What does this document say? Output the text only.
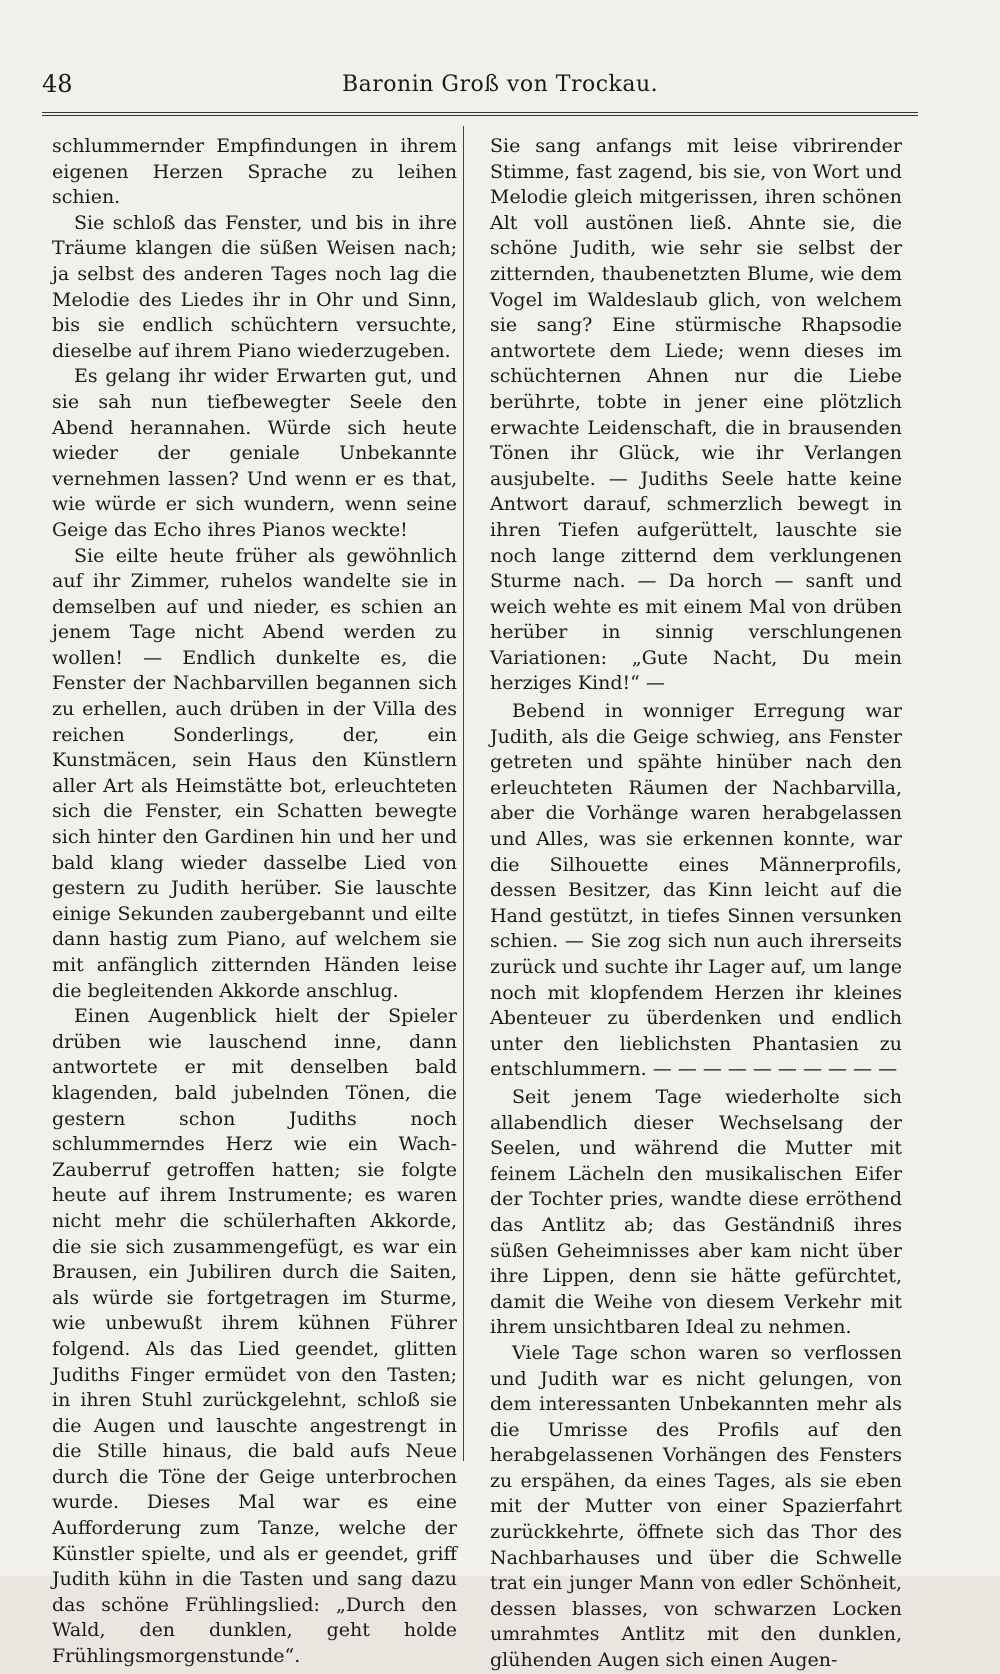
48	Baronin Groß von Trockau.

schlummernder Empfindungen in ihrem eigenen Herzen Sprache zu leihen schien.

Sie schloß das Fenster, und bis in ihre Träume klangen die süßen Weisen nach; ja selbst des anderen Tages noch lag die Melodie des Liedes ihr in Ohr und Sinn, bis sie endlich schüchtern versuchte, dieselbe auf ihrem Piano wiederzugeben.

Es gelang ihr wider Erwarten gut, und sie sah nun tiefbewegter Seele den Abend herannahen. Würde sich heute wieder der geniale Unbekannte vernehmen lassen? Und wenn er es that, wie würde er sich wundern, wenn seine Geige das Echo ihres Pianos weckte!

Sie eilte heute früher als gewöhnlich auf ihr Zimmer, ruhelos wandelte sie in demselben auf und nieder, es schien an jenem Tage nicht Abend werden zu wollen! — Endlich dunkelte es, die Fenster der Nachbarvillen begannen sich zu erhellen, auch drüben in der Villa des reichen Sonderlings, der, ein Kunstmäcen, sein Haus den Künstlern aller Art als Heimstätte bot, erleuchteten sich die Fenster, ein Schatten bewegte sich hinter den Gardinen hin und her und bald klang wieder dasselbe Lied von gestern zu Judith herüber. Sie lauschte einige Sekunden zaubergebannt und eilte dann hastig zum Piano, auf welchem sie mit anfänglich zitternden Händen leise die begleitenden Akkorde anschlug.

Einen Augenblick hielt der Spieler drüben wie lauschend inne, dann antwortete er mit denselben bald klagenden, bald jubelnden Tönen, die gestern schon Judiths noch schlummerndes Herz wie ein Wach-Zauberruf getroffen hatten; sie folgte heute auf ihrem Instrumente; es waren nicht mehr die schülerhaften Akkorde, die sie sich zusammengefügt, es war ein Brausen, ein Jubiliren durch die Saiten, als würde sie fortgetragen im Sturme, wie unbewußt ihrem kühnen Führer folgend. Als das Lied geendet, glitten Judiths Finger ermüdet von den Tasten; in ihren Stuhl zurückgelehnt, schloß sie die Augen und lauschte angestrengt in die Stille hinaus, die bald aufs Neue durch die Töne der Geige unterbrochen wurde. Dieses Mal war es eine Aufforderung zum Tanze, welche der Künstler spielte, und als er geendet, griff Judith kühn in die Tasten und sang dazu das schöne Frühlingslied: „Durch den Wald, den dunklen, geht holde Frühlingsmorgenstunde“.

Sie sang anfangs mit leise vibrirender Stimme, fast zagend, bis sie, von Wort und Melodie gleich mitgerissen, ihren schönen Alt voll austönen ließ. Ahnte sie, die schöne Judith, wie sehr sie selbst der zitternden, thaubenetzten Blume, wie dem Vogel im Waldeslaub glich, von welchem sie sang? Eine stürmische Rhapsodie antwortete dem Liede; wenn dieses im schüchternen Ahnen nur die Liebe berührte, tobte in jener eine plötzlich erwachte Leidenschaft, die in brausenden Tönen ihr Glück, wie ihr Verlangen ausjubelte. — Judiths Seele hatte keine Antwort darauf, schmerzlich bewegt in ihren Tiefen aufgerüttelt, lauschte sie noch lange zitternd dem verklungenen Sturme nach. — Da horch — sanft und weich wehte es mit einem Mal von drüben herüber in sinnig verschlungenen Variationen: „Gute Nacht, Du mein herziges Kind!“ —

Bebend in wonniger Erregung war Judith, als die Geige schwieg, ans Fenster getreten und spähte hinüber nach den erleuchteten Räumen der Nachbarvilla, aber die Vorhänge waren herabgelassen und Alles, was sie erkennen konnte, war die Silhouette eines Männerprofils, dessen Besitzer, das Kinn leicht auf die Hand gestützt, in tiefes Sinnen versunken schien. — Sie zog sich nun auch ihrerseits zurück und suchte ihr Lager auf, um lange noch mit klopfendem Herzen ihr kleines Abenteuer zu überdenken und endlich unter den lieblichsten Phantasien zu entschlummern. — — — — — — — — — —

Seit jenem Tage wiederholte sich allabendlich dieser Wechselsang der Seelen, und während die Mutter mit feinem Lächeln den musikalischen Eifer der Tochter pries, wandte diese erröthend das Antlitz ab; das Geständniß ihres süßen Geheimnisses aber kam nicht über ihre Lippen, denn sie hätte gefürchtet, damit die Weihe von diesem Verkehr mit ihrem unsichtbaren Ideal zu nehmen.

Viele Tage schon waren so verflossen und Judith war es nicht gelungen, von dem interessanten Unbekannten mehr als die Umrisse des Profils auf den herabgelassenen Vorhängen des Fensters zu erspähen, da eines Tages, als sie eben mit der Mutter von einer Spazierfahrt zurückkehrte, öffnete sich das Thor des Nachbarhauses und über die Schwelle trat ein junger Mann von edler Schönheit, dessen blasses, von schwarzen Locken umrahmtes Antlitz mit den dunklen, glühenden Augen sich einen Augen-
